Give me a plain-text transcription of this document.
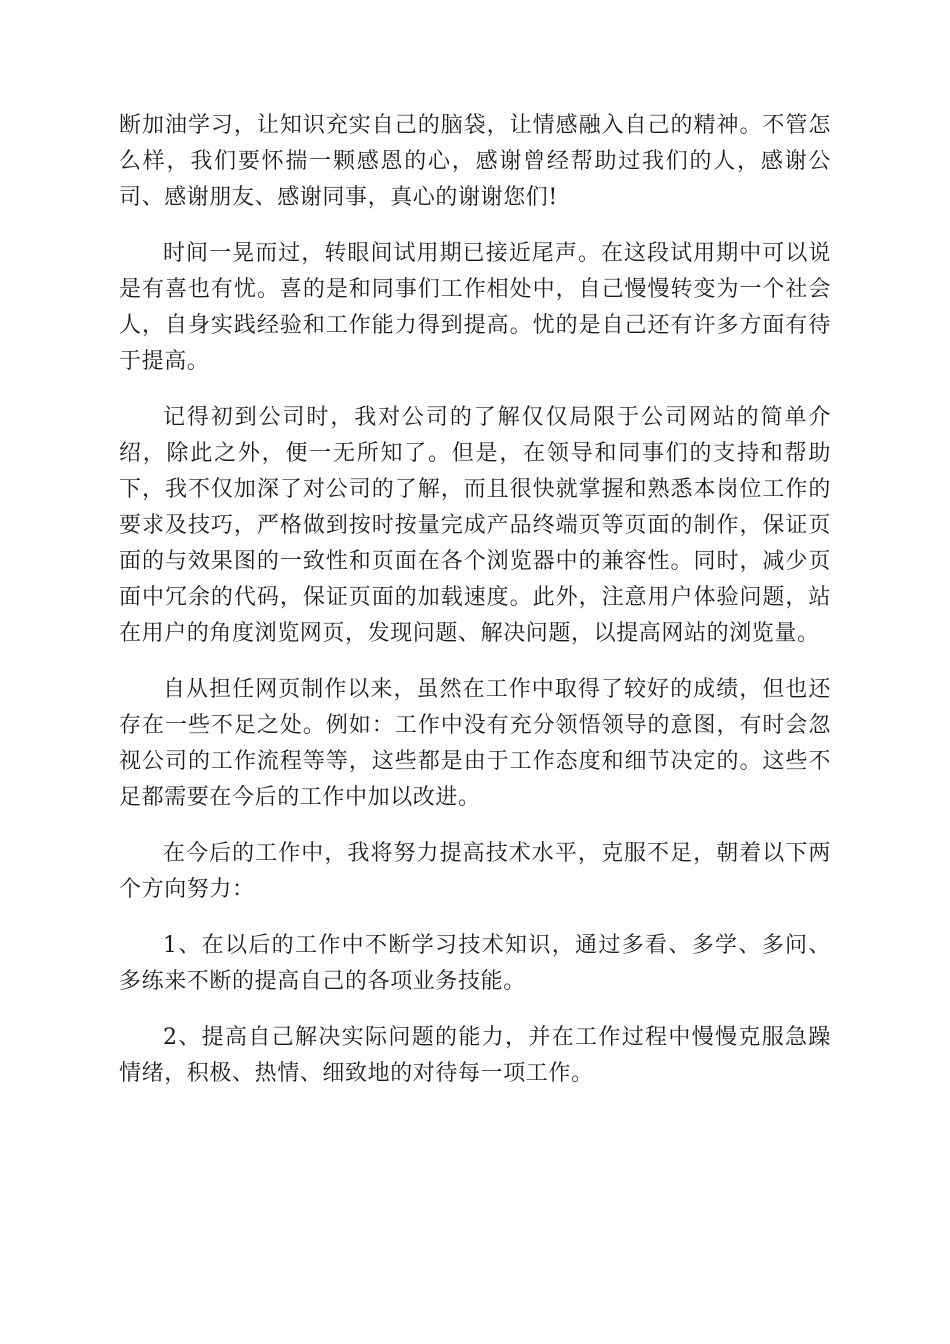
断加油学习，让知识充实自己的脑袋，让情感融入自己的精神。不管怎么样，我们要怀揣一颗感恩的心，感谢曾经帮助过我们的人，感谢公司、感谢朋友、感谢同事，真心的谢谢您们!

时间一晃而过，转眼间试用期已接近尾声。在这段试用期中可以说是有喜也有忧。喜的是和同事们工作相处中，自己慢慢转变为一个社会人，自身实践经验和工作能力得到提高。忧的是自己还有许多方面有待于提高。

记得初到公司时，我对公司的了解仅仅局限于公司网站的简单介绍，除此之外，便一无所知了。但是，在领导和同事们的支持和帮助下，我不仅加深了对公司的了解，而且很快就掌握和熟悉本岗位工作的要求及技巧，严格做到按时按量完成产品终端页等页面的制作，保证页面的与效果图的一致性和页面在各个浏览器中的兼容性。同时，减少页面中冗余的代码，保证页面的加载速度。此外，注意用户体验问题，站在用户的角度浏览网页，发现问题、解决问题，以提高网站的浏览量。

自从担任网页制作以来，虽然在工作中取得了较好的成绩，但也还存在一些不足之处。例如：工作中没有充分领悟领导的意图，有时会忽视公司的工作流程等等，这些都是由于工作态度和细节决定的。这些不足都需要在今后的工作中加以改进。

在今后的工作中，我将努力提高技术水平，克服不足，朝着以下两个方向努力：

1、在以后的工作中不断学习技术知识，通过多看、多学、多问、多练来不断的提高自己的各项业务技能。

2、提高自己解决实际问题的能力，并在工作过程中慢慢克服急躁情绪，积极、热情、细致地的对待每一项工作。
